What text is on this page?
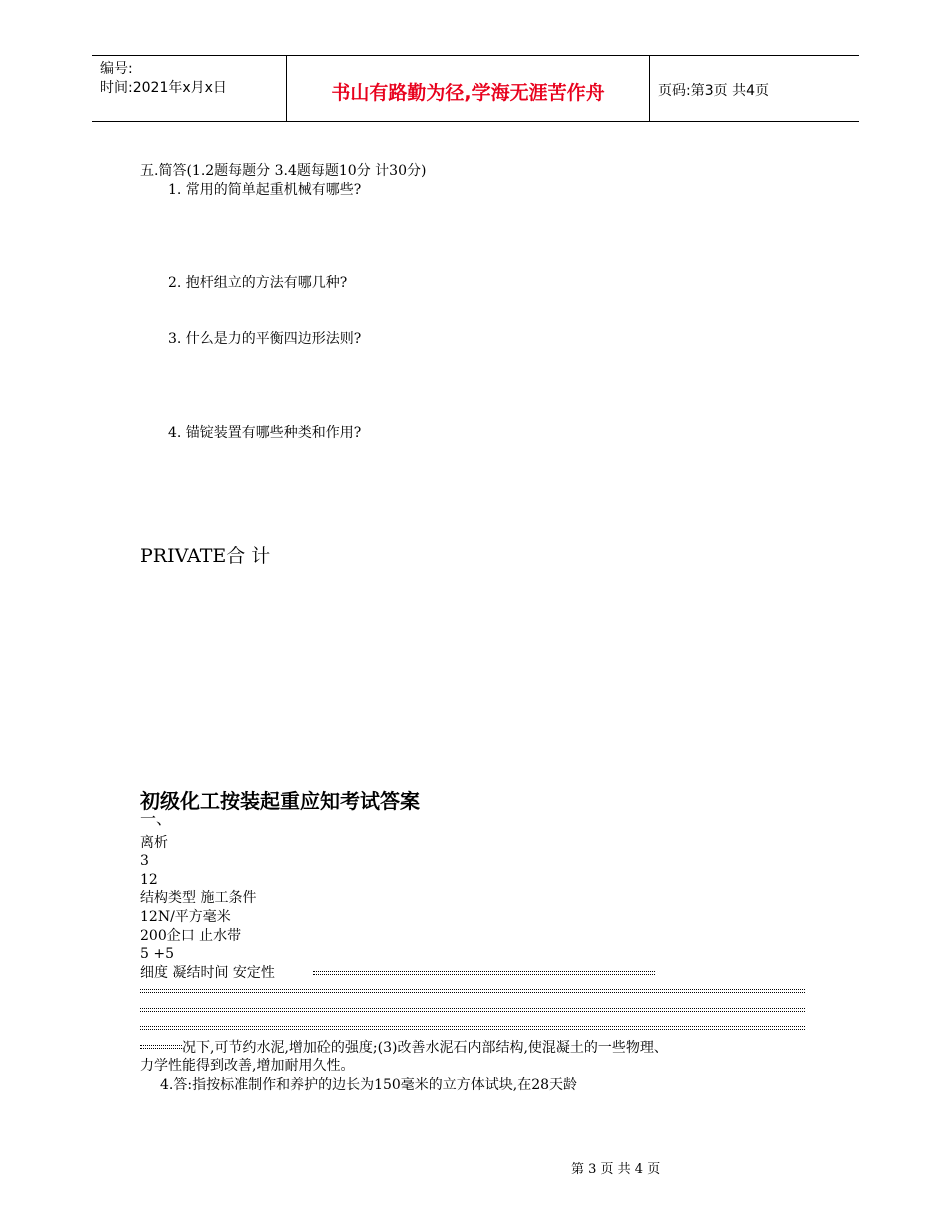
编号:
时间:2021年x月x日	书山有路勤为径,学海无涯苦作舟	页码:第3页 共4页
五.简答(1.2题每题分 3.4题每题10分 计30分)
1. 常用的简单起重机械有哪些?
2. 抱杆组立的方法有哪几种?
3. 什么是力的平衡四边形法则?
4. 锚锭装置有哪些种类和作用?
PRIVATE合 计
初级化工按装起重应知考试答案
一、
离析
3
12
结构类型 施工条件
12N/平方毫米
200企口 止水带
5 +5
细度 凝结时间 安定性
况下,可节约水泥,增加砼的强度;(3)改善水泥石内部结构,使混凝土的一些物理、
力学性能得到改善,增加耐用久性。
4.答:指按标准制作和养护的边长为150毫米的立方体试块,在28天龄
第 3 页 共 4 页
